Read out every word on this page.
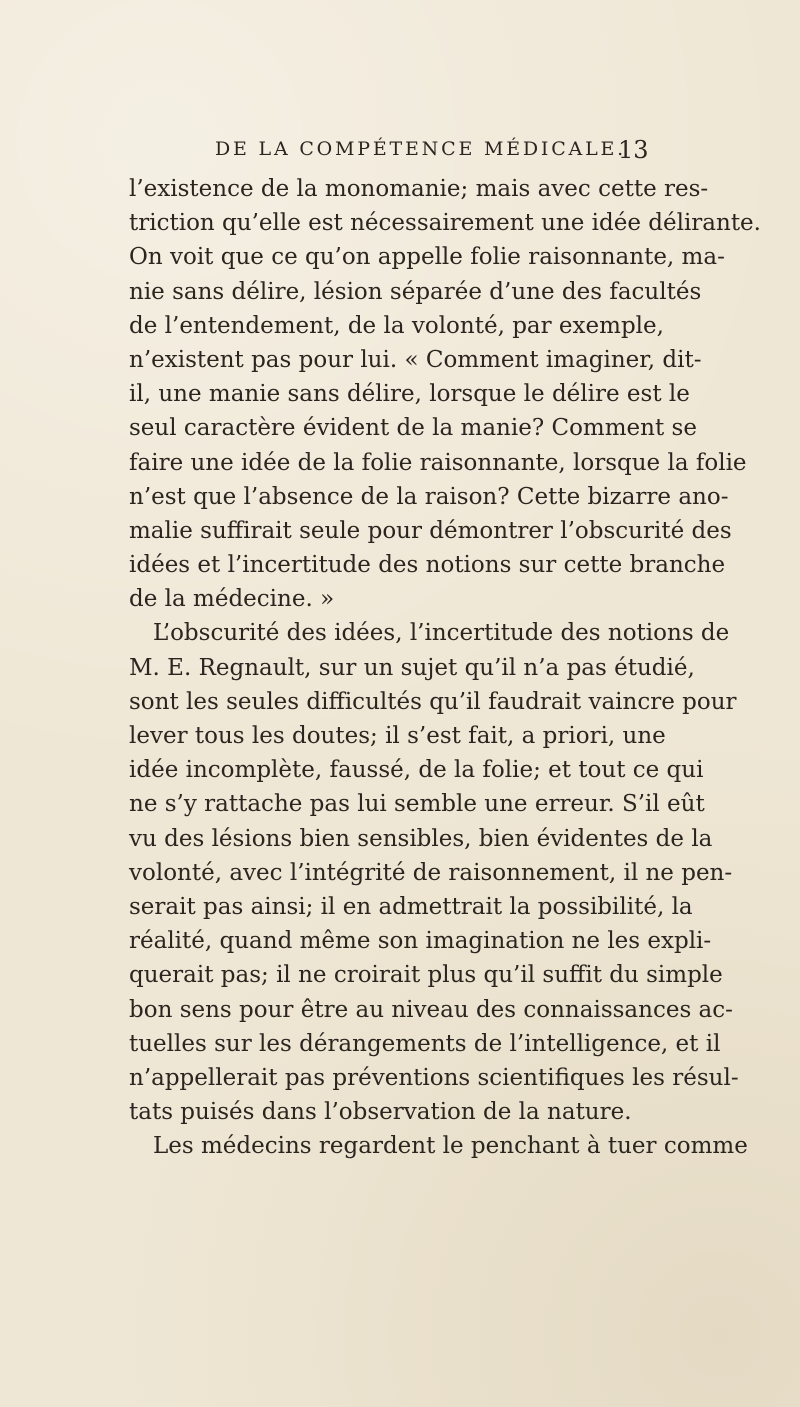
DE LA COMPÉTENCE MÉDICALE.
13
l’existence de la monomanie; mais avec cette res-
triction qu’elle est nécessairement une idée délirante.
On voit que ce qu’on appelle folie raisonnante, ma-
nie sans délire, lésion séparée d’une des facultés
de l’entendement, de la volonté, par exemple,
n’existent pas pour lui. « Comment imaginer, dit-
il, une manie sans délire, lorsque le délire est le
seul caractère évident de la manie? Comment se
faire une idée de la folie raisonnante, lorsque la folie
n’est que l’absence de la raison? Cette bizarre ano-
malie suffirait seule pour démontrer l’obscurité des
idées et l’incertitude des notions sur cette branche
de la médecine. »
L’obscurité des idées, l’incertitude des notions de
M. E. Regnault, sur un sujet qu’il n’a pas étudié,
sont les seules difficultés qu’il faudrait vaincre pour
lever tous les doutes; il s’est fait, a priori, une
idée incomplète, faussé, de la folie; et tout ce qui
ne s’y rattache pas lui semble une erreur. S’il eût
vu des lésions bien sensibles, bien évidentes de la
volonté, avec l’intégrité de raisonnement, il ne pen-
serait pas ainsi; il en admettrait la possibilité, la
réalité, quand même son imagination ne les expli-
querait pas; il ne croirait plus qu’il suffit du simple
bon sens pour être au niveau des connaissances ac-
tuelles sur les dérangements de l’intelligence, et il
n’appellerait pas préventions scientifiques les résul-
tats puisés dans l’observation de la nature.
Les médecins regardent le penchant à tuer comme
